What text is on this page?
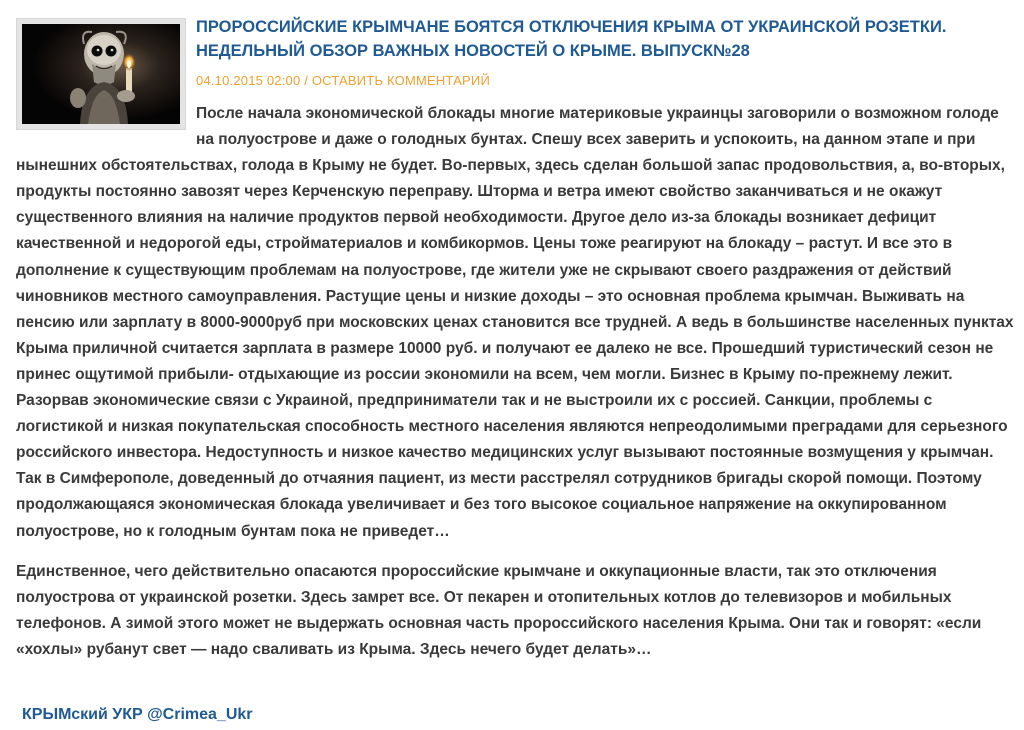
ПРОРОССИЙСКИЕ КРЫМЧАНЕ БОЯТСЯ ОТКЛЮЧЕНИЯ КРЫМА ОТ УКРАИНСКОЙ РОЗЕТКИ. НЕДЕЛЬНЫЙ ОБЗОР ВАЖНЫХ НОВОСТЕЙ О КРЫМЕ. ВЫПУСК№28
04.10.2015 02:00 / ОСТАВИТЬ КОММЕНТАРИЙ

После начала экономической блокады многие материковые украинцы заговорили о возможном голоде на полуострове и даже о голодных бунтах. Спешу всех заверить и успокоить, на данном этапе и при нынешних обстоятельствах, голода в Крыму не будет. Во-первых, здесь сделан большой запас продовольствия, а, во-вторых, продукты постоянно завозят через Керченскую переправу. Шторма и ветра имеют свойство заканчиваться и не окажут существенного влияния на наличие продуктов первой необходимости. Другое дело из-за блокады возникает дефицит качественной и недорогой еды, стройматериалов и комбикормов. Цены тоже реагируют на блокаду – растут. И все это в дополнение к существующим проблемам на полуострове, где жители уже не скрывают своего раздражения от действий чиновников местного самоуправления. Растущие цены и низкие доходы – это основная проблема крымчан. Выживать на пенсию или зарплату в 8000-9000руб при московских ценах становится все трудней. А ведь в большинстве населенных пунктах Крыма приличной считается зарплата в размере 10000 руб. и получают ее далеко не все. Прошедший туристический сезон не принес ощутимой прибыли- отдыхающие из россии экономили на всем, чем могли. Бизнес в Крыму по-прежнему лежит. Разорвав экономические связи с Украиной, предприниматели так и не выстроили их с россией. Санкции, проблемы с логистикой и низкая покупательская способность местного населения являются непреодолимыми преградами для серьезного российского инвестора. Недоступность и низкое качество медицинских услуг вызывают постоянные возмущения у крымчан. Так в Симферополе, доведенный до отчаяния пациент, из мести расстрелял сотрудников бригады скорой помощи. Поэтому продолжающаяся экономическая блокада увеличивает и без того высокое социальное напряжение на оккупированном полуострове, но к голодным бунтам пока не приведет…

Единственное, чего действительно опасаются пророссийские крымчане и оккупационные власти, так это отключения полуострова от украинской розетки. Здесь замрет все. От пекарен и отопительных котлов до телевизоров и мобильных телефонов. А зимой этого может не выдержать основная часть пророссийского населения Крыма. Они так и говорят: «если «хохлы» рубанут свет — надо сваливать из Крыма. Здесь нечего будет делать»…

КРЫМский УКР @Crimea_Ukr
